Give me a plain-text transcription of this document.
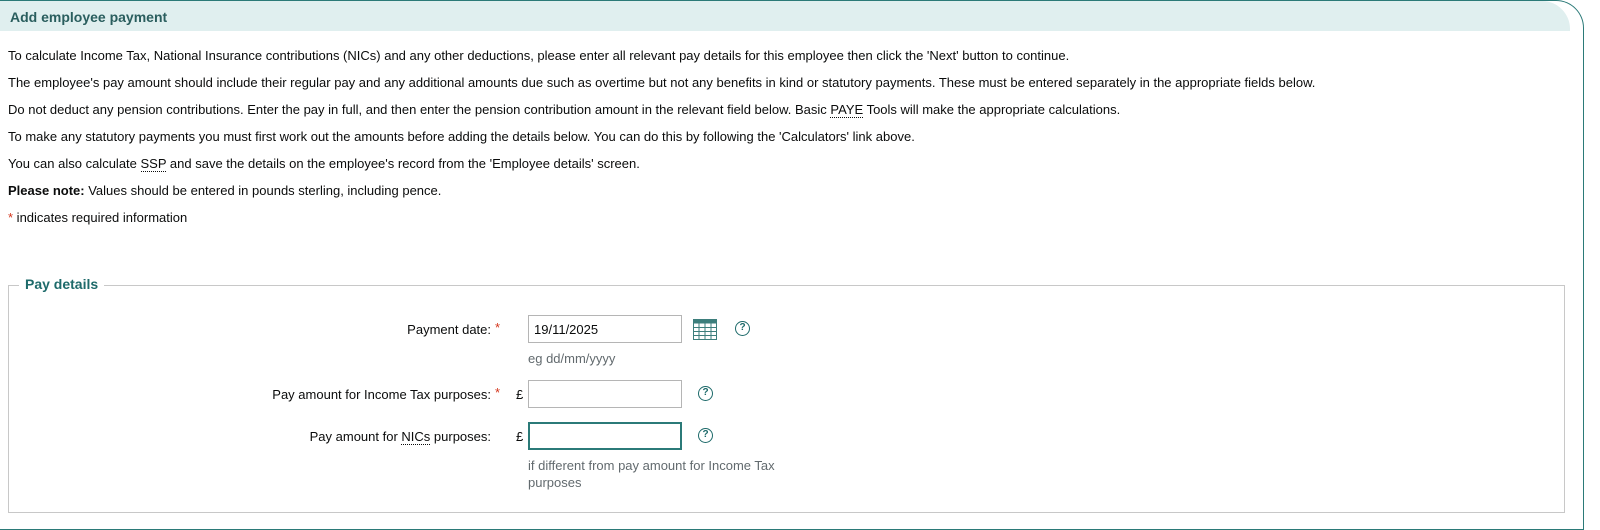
Add employee payment

To calculate Income Tax, National Insurance contributions (NICs) and any other deductions, please enter all relevant pay details for this employee then click the 'Next' button to continue.

The employee's pay amount should include their regular pay and any additional amounts due such as overtime but not any benefits in kind or statutory payments. These must be entered separately in the appropriate fields below.

Do not deduct any pension contributions. Enter the pay in full, and then enter the pension contribution amount in the relevant field below. Basic PAYE Tools will make the appropriate calculations.

To make any statutory payments you must first work out the amounts before adding the details below. You can do this by following the 'Calculators' link above.

You can also calculate SSP and save the details on the employee's record from the 'Employee details' screen.

Please note: Values should be entered in pounds sterling, including pence.

* indicates required information

Pay details
Payment date: *
19/11/2025	?
eg dd/mm/yyyy
Pay amount for Income Tax purposes: * £	?
Pay amount for NICs purposes: £	?
if different from pay amount for Income Tax
purposes
